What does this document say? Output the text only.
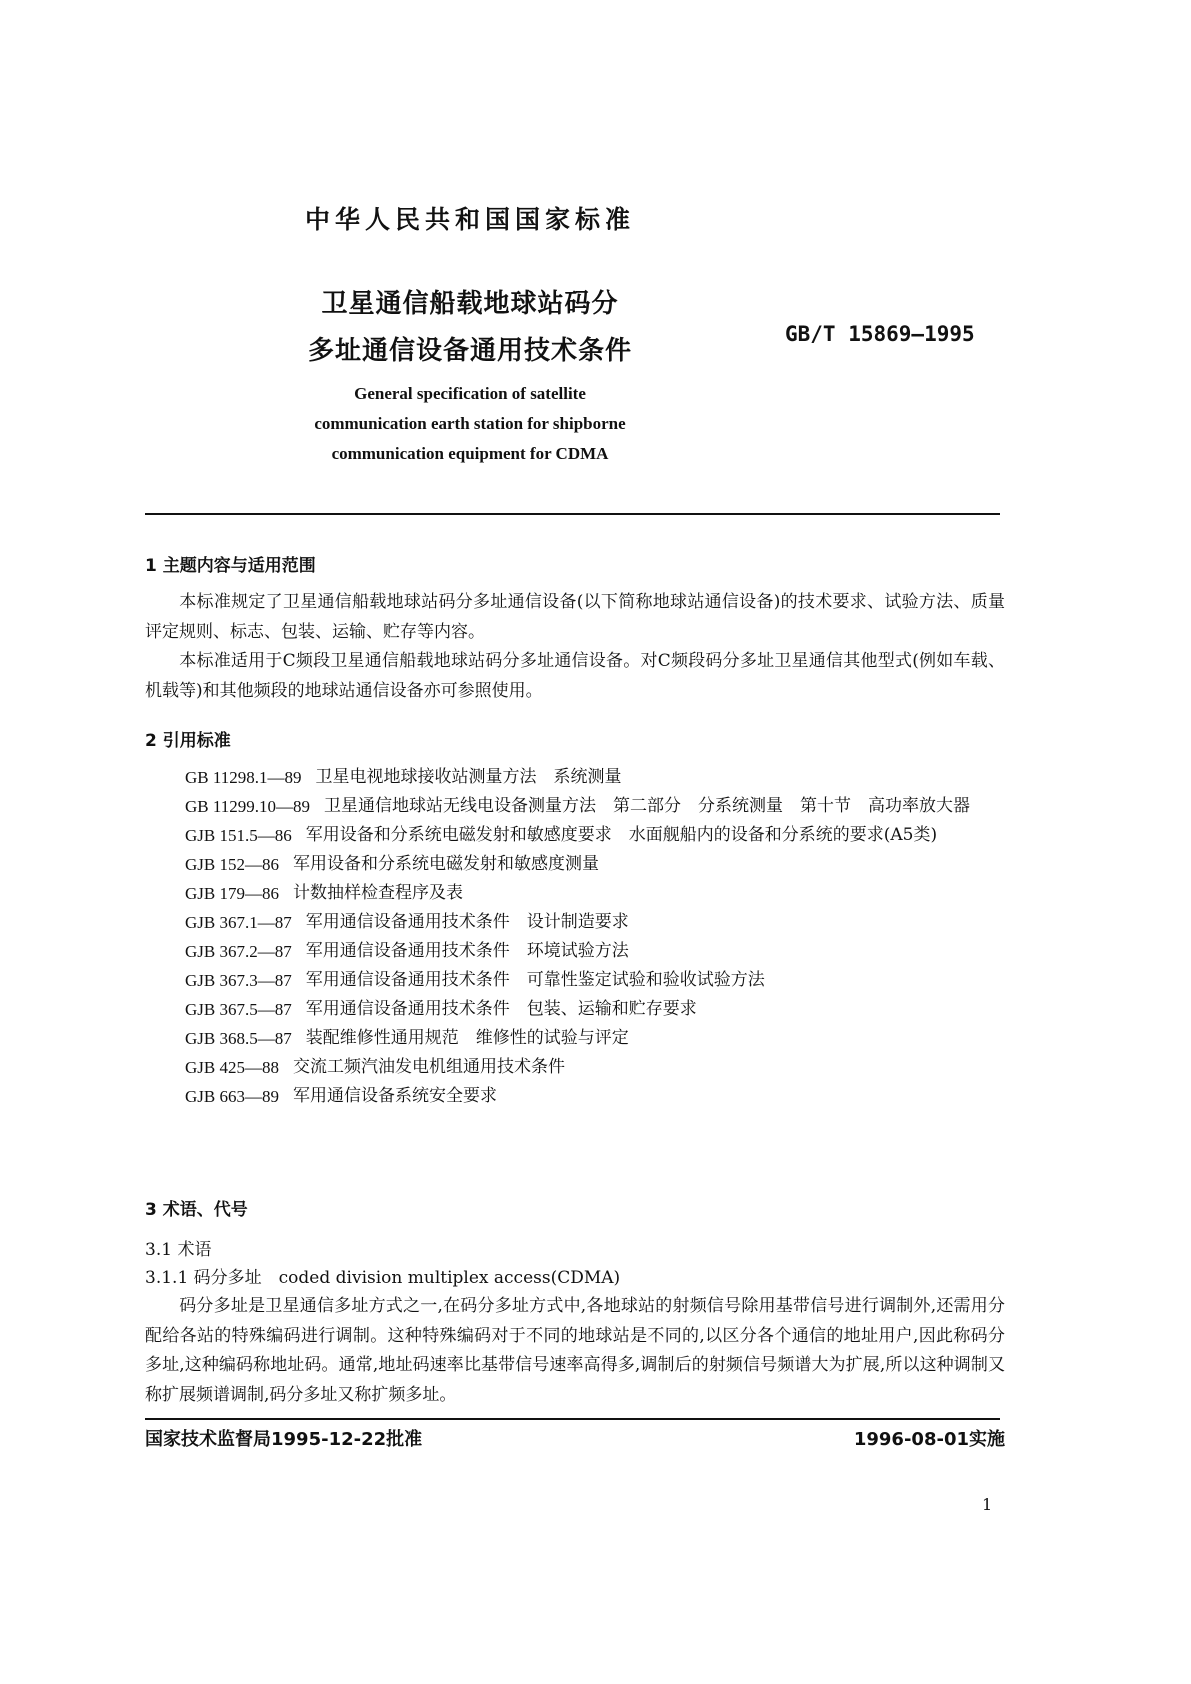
中华人民共和国国家标准
卫星通信船载地球站码分
多址通信设备通用技术条件
GB/T 15869—1995
General specification of satellite
communication earth station for shipborne
communication equipment for CDMA
1 主题内容与适用范围
本标准规定了卫星通信船载地球站码分多址通信设备(以下简称地球站通信设备)的技术要求、试验方法、质量评定规则、标志、包装、运输、贮存等内容。
本标准适用于C频段卫星通信船载地球站码分多址通信设备。对C频段码分多址卫星通信其他型式(例如车载、机载等)和其他频段的地球站通信设备亦可参照使用。
2 引用标准
GB 11298.1—89 卫星电视地球接收站测量方法　系统测量
GB 11299.10—89 卫星通信地球站无线电设备测量方法　第二部分　分系统测量　第十节　高功率放大器
GJB 151.5—86 军用设备和分系统电磁发射和敏感度要求　水面舰船内的设备和分系统的要求(A5类)
GJB 152—86 军用设备和分系统电磁发射和敏感度测量
GJB 179—86 计数抽样检查程序及表
GJB 367.1—87 军用通信设备通用技术条件　设计制造要求
GJB 367.2—87 军用通信设备通用技术条件　环境试验方法
GJB 367.3—87 军用通信设备通用技术条件　可靠性鉴定试验和验收试验方法
GJB 367.5—87 军用通信设备通用技术条件　包装、运输和贮存要求
GJB 368.5—87 装配维修性通用规范　维修性的试验与评定
GJB 425—88 交流工频汽油发电机组通用技术条件
GJB 663—89 军用通信设备系统安全要求
3 术语、代号
3.1 术语
3.1.1 码分多址　coded division multiplex access(CDMA)
码分多址是卫星通信多址方式之一,在码分多址方式中,各地球站的射频信号除用基带信号进行调制外,还需用分配给各站的特殊编码进行调制。这种特殊编码对于不同的地球站是不同的,以区分各个通信的地址用户,因此称码分多址,这种编码称地址码。通常,地址码速率比基带信号速率高得多,调制后的射频信号频谱大为扩展,所以这种调制又称扩展频谱调制,码分多址又称扩频多址。
国家技术监督局1995-12-22批准	1996-08-01实施
1
